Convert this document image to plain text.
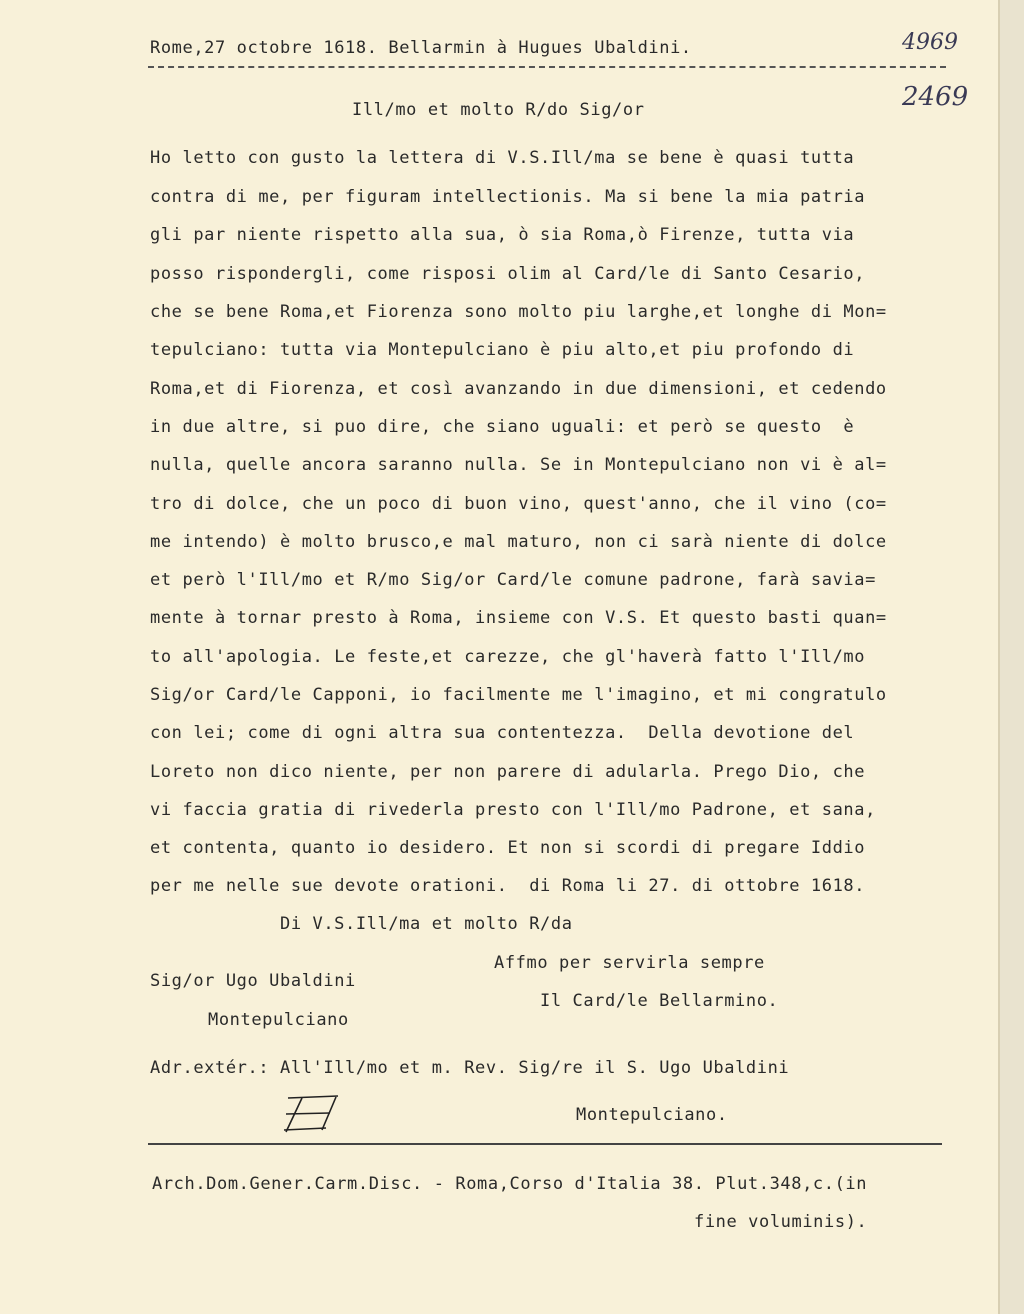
Rome,27 octobre 1618. Bellarmin à Hugues Ubaldini.	4969
2469
Ill/mo et molto R/do Sig/or
Ho letto con gusto la lettera di V.S.Ill/ma se bene è quasi tutta
contra di me, per figuram intellectionis. Ma si bene la mia patria
gli par niente rispetto alla sua, ò sia Roma,ò Firenze, tutta via
posso rispondergli, come risposi olim al Card/le di Santo Cesario,
che se bene Roma,et Fiorenza sono molto piu larghe,et longhe di Mon=
tepulciano: tutta via Montepulciano è piu alto,et piu profondo di
Roma,et di Fiorenza, et così avanzando in due dimensioni, et cedendo
in due altre, si puo dire, che siano uguali: et però se questo  è
nulla, quelle ancora saranno nulla. Se in Montepulciano non vi è al=
tro di dolce, che un poco di buon vino, quest'anno, che il vino (co=
me intendo) è molto brusco,e mal maturo, non ci sarà niente di dolce
et però l'Ill/mo et R/mo Sig/or Card/le comune padrone, farà savia=
mente à tornar presto à Roma, insieme con V.S. Et questo basti quan=
to all'apologia. Le feste,et carezze, che gl'haverà fatto l'Ill/mo
Sig/or Card/le Capponi, io facilmente me l'imagino, et mi congratulo
con lei; come di ogni altra sua contentezza.  Della devotione del
Loreto non dico niente, per non parere di adularla. Prego Dio, che
vi faccia gratia di rivederla presto con l'Ill/mo Padrone, et sana,
et contenta, quanto io desidero. Et non si scordi di pregare Iddio
per me nelle sue devote orationi.  di Roma li 27. di ottobre 1618.
Di V.S.Ill/ma et molto R/da
Affmo per servirla sempre
Sig/or Ugo Ubaldini
Il Card/le Bellarmino.
Montepulciano
Adr.extér.: All'Ill/mo et m. Rev. Sig/re il S. Ugo Ubaldini
Montepulciano.
Arch.Dom.Gener.Carm.Disc. - Roma,Corso d'Italia 38. Plut.348,c.(in
fine voluminis).
